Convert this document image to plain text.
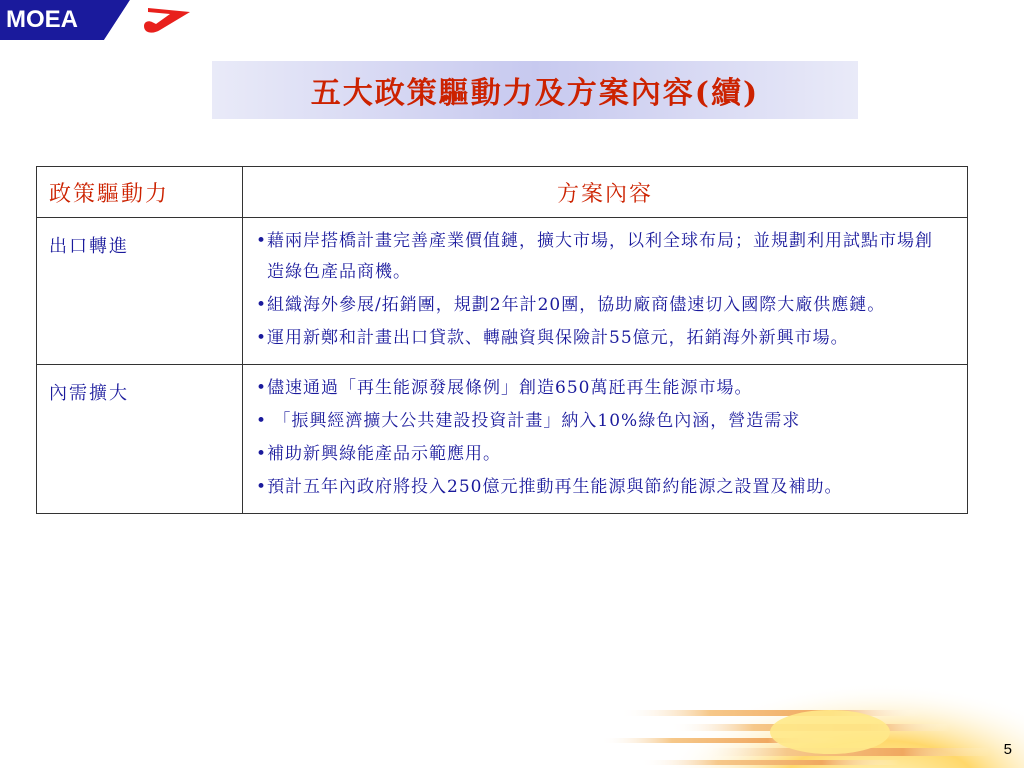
MOEA
五大政策驅動力及方案內容(續)
政策驅動力	方案內容
出口轉進	•藉兩岸搭橋計畫完善產業價值鏈，擴大市場，以利全球布局；並規劃利用試點市場創造綠色產品商機。
•組織海外參展/拓銷團，規劃2年計20團，協助廠商儘速切入國際大廠供應鏈。
•運用新鄭和計畫出口貸款、轉融資與保險計55億元，拓銷海外新興市場。

內需擴大	•儘速通過「再生能源發展條例」創造650萬瓩再生能源市場。
• 「振興經濟擴大公共建設投資計畫」納入10%綠色內涵，營造需求
•補助新興綠能產品示範應用。
•預計五年內政府將投入250億元推動再生能源與節約能源之設置及補助。
5
